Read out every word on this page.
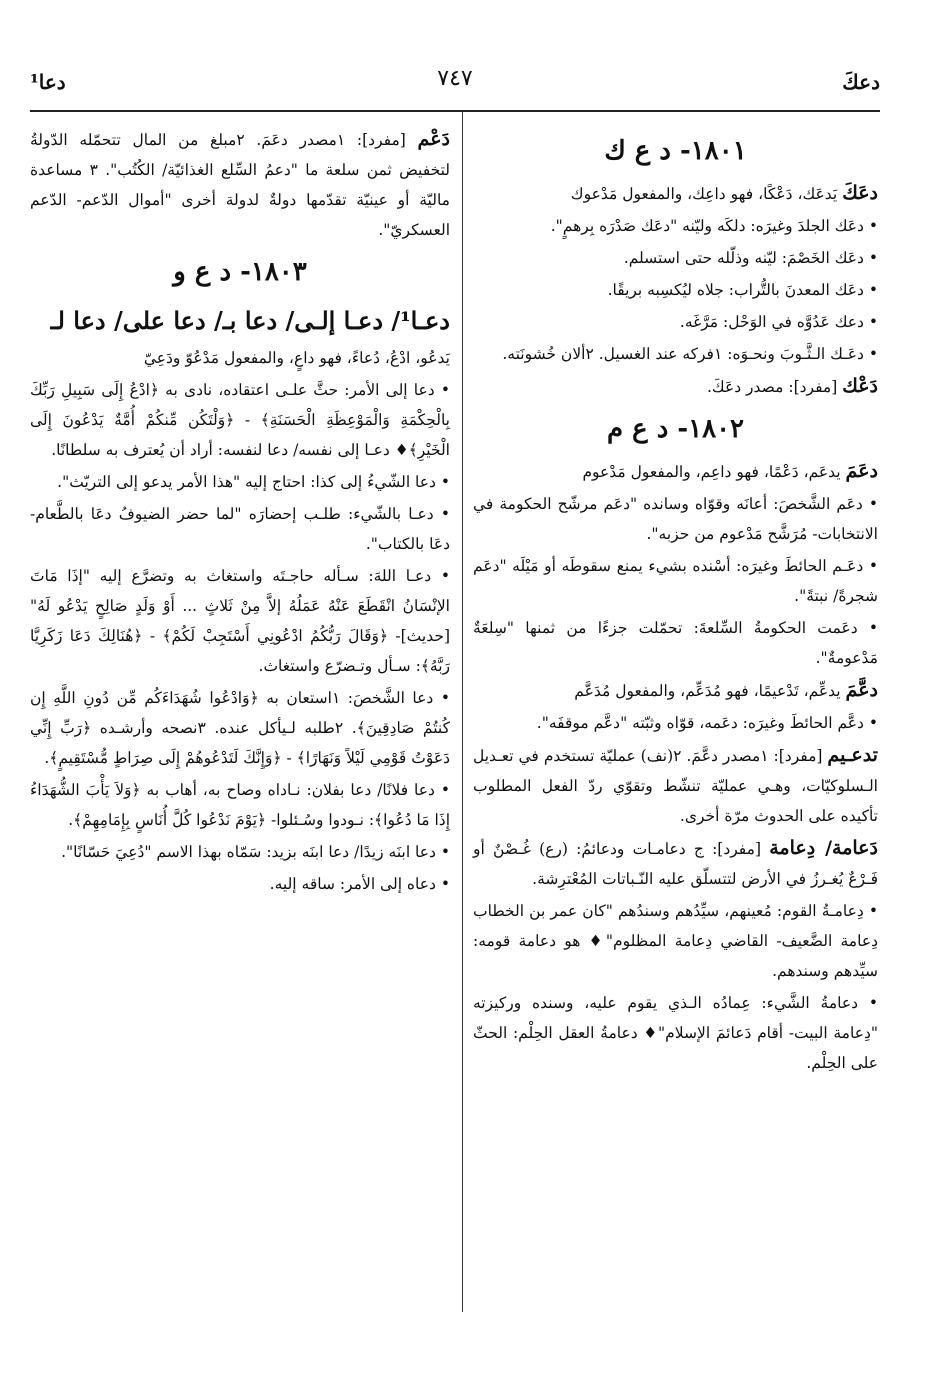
دعكَ
٧٤٧
دعا¹
١٨٠١- د ع ك
دعَكَ يَدعَك، دَعْكًا، فهو داعِك، والمفعول مَدْعوك
• دعَك الجلدَ وغيرَه: دلكَه وليّنه "دعَك صَدْرَه بِرهمٍ".
• دعَك الخَصْمَ: ليّنه وذلّله حتى استسلم.
• دعَك المعدنَ بالتُّراب: جلاه ليُكسِبه بريقًا.
• دعك عَدُوَّه في الوَحْل: مَرَّغَه.
• دعَـك الـثَّـوبَ ونحـوَه: ١فركه عند الغسيل. ٢ألان خُشونَته.
دَعْك [مفرد]: مصدر دعَكَ.
١٨٠٢- د ع م
دعَمَ يدعَم، دَعْمًا، فهو داعِم، والمفعول مَدْعوم
• دعَم الشَّخصَ: أعانَه وقوّاه وسانده "دعَم مرشّح الحكومة في الانتخابات- مُرَشَّح مَدْعوم من حزبه".
• دعَـم الحائطَ وغيرَه: أسْنده بشيء يمنع سقوطَه أو مَيْلَه "دعَم شجرةً/ نبتةً".
• دعَمت الحكومةُ السِّلعةَ: تحمّلت جزءًا من ثمنها "سِلعَةٌ مَدْعومةٌ".
دعَّمَ يدعِّم، تَدْعيمًا، فهو مُدَعِّم، والمفعول مُدَعَّم
• دعَّم الحائطَ وغيرَه: دعَمه، قوّاه وثبّته "دعَّم موقفَه".
تدعـيم [مفرد]: ١مصدر دعَّمَ. ٢(نف) عمليّة تستخدم في تعـديل الـسلوكيّات، وهـي عمليّة تنشّط وتقوّي ردّ الفعل المطلوب تأكيده على الحدوث مرّة أخرى.
دَعامة/ دِعامة [مفرد]: ج دعامـات ودعائمُ: (رع) غُـصْنٌ أو فَـرْعٌ يُغـرزُ في الأرض لتتسلّق عليه النّـباتات المُعْترِشة.
• دِعامـةُ القوم: مُعينهم، سيِّدُهم وسندُهم "كان عمر بن الخطاب دِعامة الضَّعيف- القاضي دِعامة المظلوم"♦ هو دعامة قومه: سيِّدهم وسندهم.
• دعامةُ الشَّيء: عِمادُه الـذي يقوم عليه، وسنده وركيزته "دِعامة البيت- أقام دَعائمَ الإسلام"♦ دعامةُ العقل الحِلْم: الحثّ على الحِلْم.
دَعْم [مفرد]: ١مصدر دعَمَ. ٢مبلغ من المال تتحمّله الدّولةُ لتخفيض ثمن سلعة ما "دعمُ السِّلع الغذائيّة/ الكُتُب". ٣ مساعدة ماليّة أو عينيّة تقدّمها دولةٌ لدولة أخرى "أموال الدّعم- الدّعم العسكريّ".
١٨٠٣- د ع و
دعـا¹/ دعـا إلـى/ دعا بـ/ دعا على/ دعا لـ
يَدعُو، ادْعُ، دُعاءً، فهو داعٍ، والمفعول مَدْعُوّ ودَعِيّ
• دعا إلى الأمر: حثَّ علـى اعتقاده، نادى به ﴿ادْعُ إِلَى سَبِيلِ رَبِّكَ بِالْحِكْمَةِ وَالْمَوْعِظَةِ الْحَسَنَةِ﴾ - ﴿وَلْتَكُن مِّنكُمْ أُمَّةٌ يَدْعُونَ إِلَى الْخَيْرِ﴾♦ دعـا إلى نفسه/ دعا لنفسه: أراد أن يُعترف به سلطانًا.
• دعا الشّيءُ إلى كذا: احتاج إليه "هذا الأمر يدعو إلى التريّث".
• دعـا بالشّيء: طلـب إحضارَه "لما حضر الضيوفُ دعَا بالطَّعام- دعَا بالكتاب".
• دعـا اللهَ: سـأله حاجـتَه واستغاث به وتضرَّع إليه "إذَا مَاتَ الإنْسَانُ انْقَطَعَ عَنْهُ عَمَلُهُ إلاَّ مِنْ ثَلاثٍ ... أَوْ وَلَدٍ صَالِحٍ يَدْعُو لَهُ" [حديث]- ﴿وَقَالَ رَبُّكُمُ ادْعُونِي أَسْتَجِبْ لَكُمْ﴾ - ﴿هُنَالِكَ دَعَا زَكَرِيَّا رَبَّهُ﴾: سـأل وتـضرّع واستغاث.
• دعا الشَّخصَ: ١استعان به ﴿وَادْعُوا شُهَدَاءَكُم مِّن دُونِ اللَّهِ إِن كُنتُمْ صَادِقِينَ﴾. ٢طلبه لـيأكل عنده. ٣نصحه وأرشـده ﴿رَبِّ إِنِّي دَعَوْتُ قَوْمِي لَيْلاً وَنَهَارًا﴾ - ﴿وَإِنَّكَ لَتَدْعُوهُمْ إِلَى صِرَاطٍ مُّسْتَقِيمٍ﴾.
• دعا فلانًا/ دعا بفلان: نـاداه وصاح به، أهاب به ﴿وَلاَ يَأْبَ الشُّهَدَاءُ إِذَا مَا دُعُوا﴾: نـودوا وسُـئلوا- ﴿يَوْمَ نَدْعُوا كُلَّ أُنَاسٍ بِإِمَامِهِمْ﴾.
• دعا ابنَه زيدًا/ دعا ابنَه بزيد: سَمّاه بهذا الاسم "دُعِيَ حَسّانًا".
• دعاه إلى الأمر: ساقه إليه.
